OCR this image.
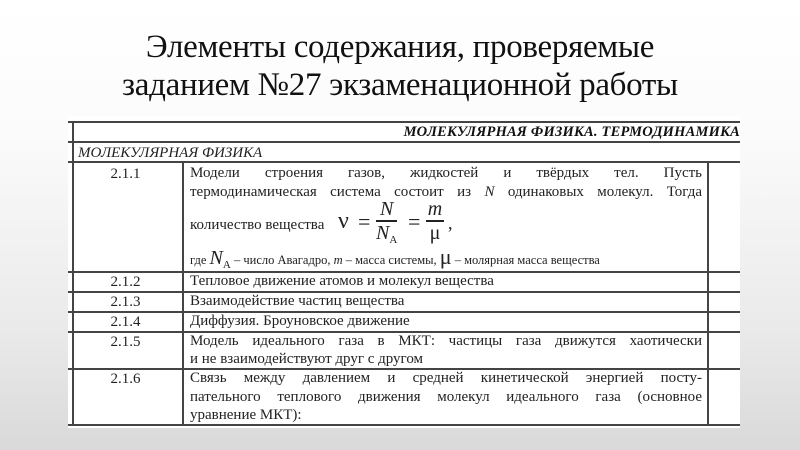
Элементы содержания, проверяемые
заданием №27 экзаменационной работы
МОЛЕКУЛЯРНАЯ ФИЗИКА. ТЕРМОДИНАМИКА
МОЛЕКУЛЯРНАЯ ФИЗИКА
2.1.1	Модели строения газов, жидкостей и твёрдых тел. Пусть
термодинамическая система состоит из N одинаковых молекул. Тогда
количество вещества ν = N
$N_A$
= m
μ ,
где $N_A$ – число Авагадро, m – масса системы, μ – молярная масса вещества
2.1.2	Тепловое движение атомов и молекул вещества
2.1.3	Взаимодействие частиц вещества
2.1.4	Диффузия. Броуновское движение
2.1.5	Модель идеального газа в МКТ: частицы газа движутся хаотически
и не взаимодействуют друг с другом
2.1.6	Связь между давлением и средней кинетической энергией посту-
пательного теплового движения молекул идеального газа (основное
уравнение МКТ):
